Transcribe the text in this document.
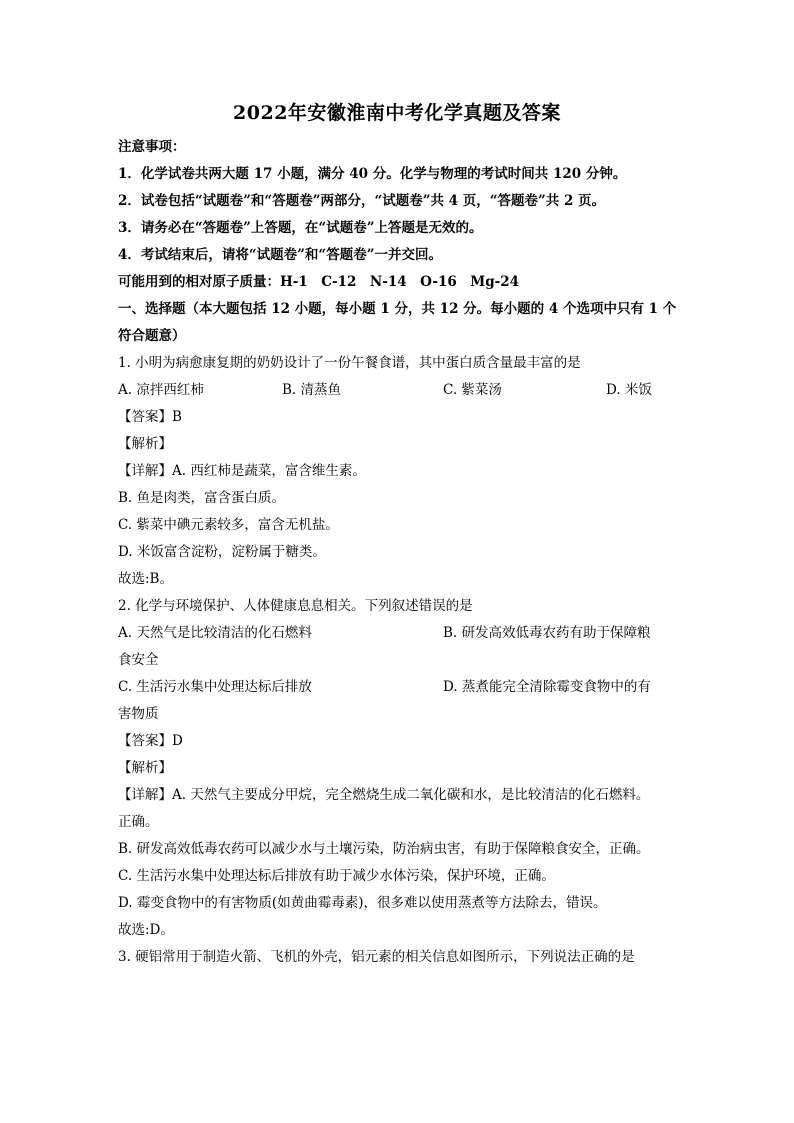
2022年安徽淮南中考化学真题及答案
注意事项：
1．化学试卷共两大题 17 小题，满分 40 分。化学与物理的考试时间共 120 分钟。
2．试卷包括“试题卷”和“答题卷”两部分，“试题卷”共 4 页，“答题卷”共 2 页。
3．请务必在“答题卷”上答题，在“试题卷”上答题是无效的。
4．考试结束后，请将“试题卷”和“答题卷”一并交回。
可能用到的相对原子质量：H-1　C-12　N-14　O-16　Mg-24
一、选择题（本大题包括 12 小题，每小题 1 分，共 12 分。每小题的 4 个选项中只有 1 个
符合题意）
1. 小明为病愈康复期的奶奶设计了一份午餐食谱，其中蛋白质含量最丰富的是
A. 凉拌西红柿	B. 清蒸鱼	C. 紫菜汤	D. 米饭
【答案】B
【解析】
【详解】A. 西红柿是蔬菜，富含维生素。
B. 鱼是肉类，富含蛋白质。
C. 紫菜中碘元素较多，富含无机盐。
D. 米饭富含淀粉，淀粉属于糖类。
故选:B。
2. 化学与环境保护、人体健康息息相关。下列叙述错误的是
A. 天然气是比较清洁的化石燃料	B. 研发高效低毒农药有助于保障粮
食安全
C. 生活污水集中处理达标后排放	D. 蒸煮能完全清除霉变食物中的有
害物质
【答案】D
【解析】
【详解】A. 天然气主要成分甲烷，完全燃烧生成二氧化碳和水，是比较清洁的化石燃料。
正确。
B. 研发高效低毒农药可以减少水与土壤污染，防治病虫害，有助于保障粮食安全，正确。
C. 生活污水集中处理达标后排放有助于减少水体污染，保护环境，正确。
D. 霉变食物中的有害物质(如黄曲霉毒素)，很多难以使用蒸煮等方法除去，错误。
故选:D。
3. 硬铝常用于制造火箭、飞机的外壳，铝元素的相关信息如图所示，下列说法正确的是
